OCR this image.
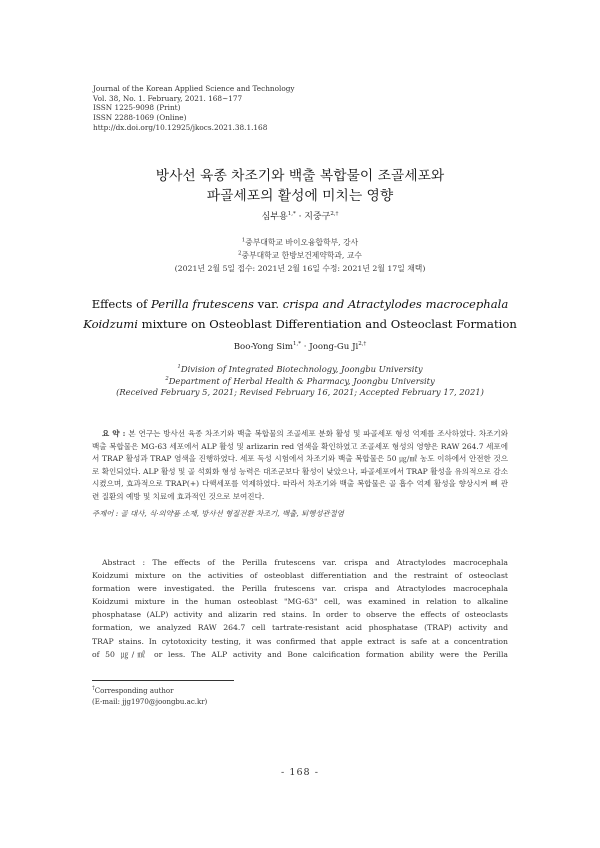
Journal of the Korean Applied Science and Technology
Vol. 38, No. 1. February, 2021. 168~177
ISSN 1225-9098 (Print)
ISSN 2288-1069 (Online)
http://dx.doi.org/10.12925/jkocs.2021.38.1.168
방사선 육종 차조기와 백출 복합물이 조골세포와
파골세포의 활성에 미치는 영향
심부용$^{1,*}$ · 지중구$^{2,\dagger}$
$^1$중부대학교 바이오융합학부, 강사
$^2$중부대학교 한방보건제약학과, 교수
(2021년 2월 5일 접수: 2021년 2월 16일 수정: 2021년 2월 17일 채택)
Effects of Perilla frutescens var. crispa and Atractylodes macrocephala
Koidzumi mixture on Osteoblast Differentiation and Osteoclast Formation
Boo-Yong Sim$^{1,*}$ · Joong-Gu $Ji^{2,\dagger}$
$^1$Division of Integrated Biotechnology, Joongbu University
$^2$Department of Herbal Health & Pharmacy, Joongbu University
(Received February 5, 2021; Revised February 16, 2021; Accepted February 17, 2021)
요 약 : 본 연구는 방사선 육종 차조기와 백출 복합물의 조골세포 분화 활성 및 파골세포 형성 억제를 조사하였다. 차조기와 백출 복합물은 MG-63 세포에서 ALP 활성 및 arlizarin red 염색을 확인하였고 조골세포 형성의 영향은 RAW 264.7 세포에서 TRAP 활성과 TRAP 염색을 진행하였다. 세포 독성 시험에서 차조기와 백출 복합물은 50 ㎍/㎖ 농도 이하에서 안전한 것으로 확인되었다. ALP 활성 및 골 석회화 형성 능력은 대조군보다 활성이 낮았으나, 파골세포에서 TRAP 활성을 유의적으로 감소시켰으며, 효과적으로 TRAP(+) 다핵세포를 억제하였다. 따라서 차조기와 백출 복합물은 골 흡수 억제 활성을 향상시켜 뼈 관련 질환의 예방 및 치료에 효과적인 것으로 보여진다.
주제어 : 골 대사, 식·의약품 소재, 방사선 형질전환 차조기, 백출, 퇴행성관절염
Abstract : The effects of the Perilla frutescens var. crispa and Atractylodes macrocephala
Koidzumi mixture on the activities of osteoblast differentiation and the restraint of osteoclast
formation were investigated. the Perilla frutescens var. crispa and Atractylodes macrocephala
Koidzumi mixture in the human osteoblast "MG-63" cell, was examined in relation to alkaline
phosphatase (ALP) activity and alizarin red stains. In order to observe the effects of osteoclasts
formation, we analyzed RAW 264.7 cell tartrate-resistant acid phosphatase (TRAP) activity and
TRAP stains. In cytotoxicity testing, it was confirmed that apple extract is safe at a concentration
of 50 ㎍/㎖ or less. The ALP activity and Bone calcification formation ability were the Perilla
†Corresponding author
(E-mail: jjg1970@joongbu.ac.kr)
- 168 -
